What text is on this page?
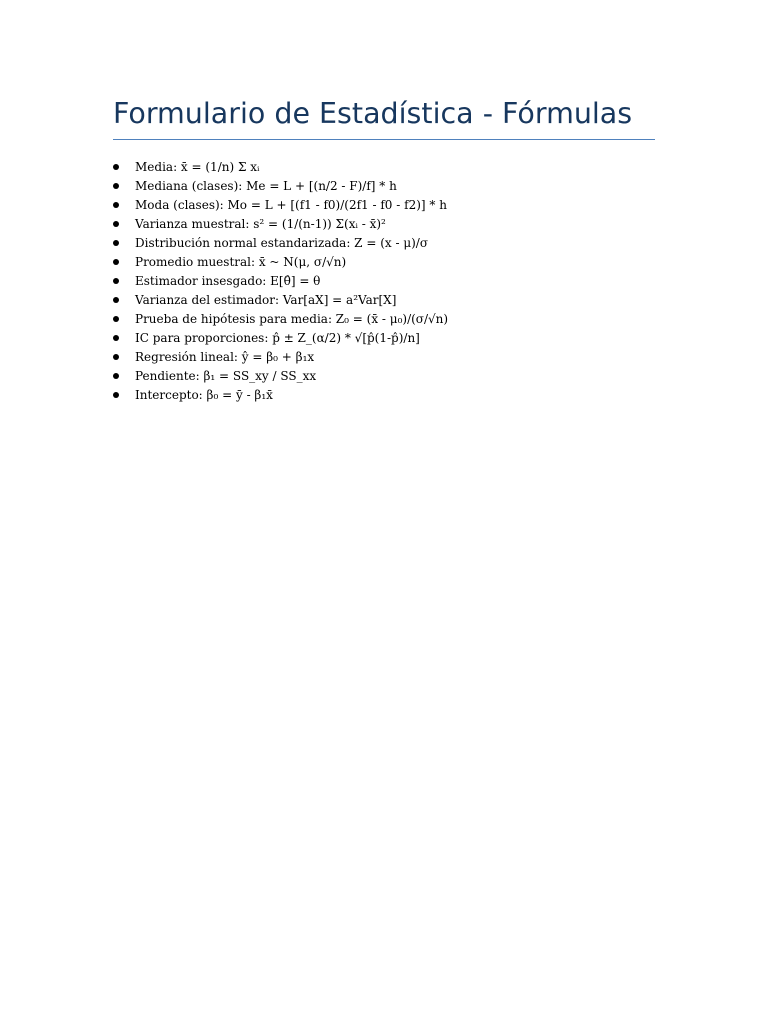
Formulario de Estadística - Fórmulas
Media: x̄ = (1/n) Σ xᵢ
Mediana (clases): Me = L + [(n/2 - F)/f] * h
Moda (clases): Mo = L + [(f1 - f0)/(2f1 - f0 - f2)] * h
Varianza muestral: s² = (1/(n-1)) Σ(xᵢ - x̄)²
Distribución normal estandarizada: Z = (x - μ)/σ
Promedio muestral: x̄ ~ N(μ, σ/√n)
Estimador insesgado: E[θ̂] = θ
Varianza del estimador: Var[aX] = a²Var[X]
Prueba de hipótesis para media: Z₀ = (x̄ - μ₀)/(σ/√n)
IC para proporciones: p̂ ± Z_(α/2) * √[p̂(1-p̂)/n]
Regresión lineal: ŷ = β₀ + β₁x
Pendiente: β₁ = SS_xy / SS_xx
Intercepto: β₀ = ȳ - β₁x̄
